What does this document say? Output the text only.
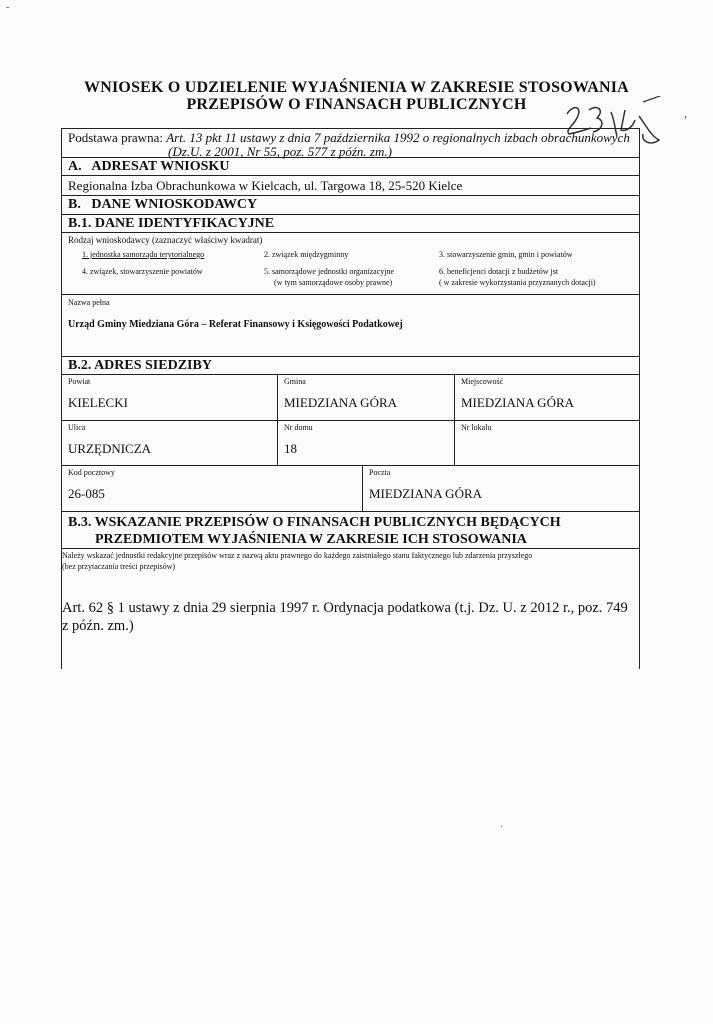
WNIOSEK O UDZIELENIE WYJAŚNIENIA W ZAKRESIE STOSOWANIA
PRZEPISÓW O FINANSACH PUBLICZNYCH
Podstawa prawna: Art. 13 pkt 11 ustawy z dnia 7 października 1992 o regionalnych izbach obrachunkowych
(Dz.U. z 2001, Nr 55, poz. 577 z późn. zm.)
A.   ADRESAT WNIOSKU
Regionalna Izba Obrachunkowa w Kielcach, ul. Targowa 18, 25-520 Kielce
B.   DANE WNIOSKODAWCY
B.1. DANE IDENTYFIKACYJNE
Rodzaj wnioskodawcy (zaznaczyć właściwy kwadrat)
1. jednostka samorządu terytorialnego	2. związek międzygminny	3. stowarzyszenie gmin, gmin i powiatów
4. związek, stowarzyszenie powiatów	5. samorządowe jednostki organizacyjne
(w tym samorządowe osoby prawne)
6. beneficjenci dotacji z budżetów jst
( w zakresie wykorzystania przyznanych dotacji)
Nazwa pełna
Urząd Gminy Miedziana Góra – Referat Finansowy i Księgowości Podatkowej
B.2. ADRES SIEDZIBY
Powiat
KIELECKI
Gmina
MIEDZIANA GÓRA
Miejscowość
MIEDZIANA GÓRA
Ulica
URZĘDNICZA
Nr domu
18
Nr lokalu
Kod pocztowy
26-085
Poczta
MIEDZIANA GÓRA
B.3. WSKAZANIE PRZEPISÓW O FINANSACH PUBLICZNYCH BĘDĄCYCH
PRZEDMIOTEM WYJAŚNIENIA W ZAKRESIE ICH STOSOWANIA
Należy wskazać jednostki redakcyjne przepisów wraz z nazwą aktu prawnego do każdego zaistniałego stanu faktycznego lub zdarzenia przyszłego
(bez przytaczania treści przepisów)
Art. 62 § 1 ustawy z dnia 29 sierpnia 1997 r. Ordynacja podatkowa (t.j. Dz. U. z 2012 r., poz. 749
z późn. zm.)
′
·
-
